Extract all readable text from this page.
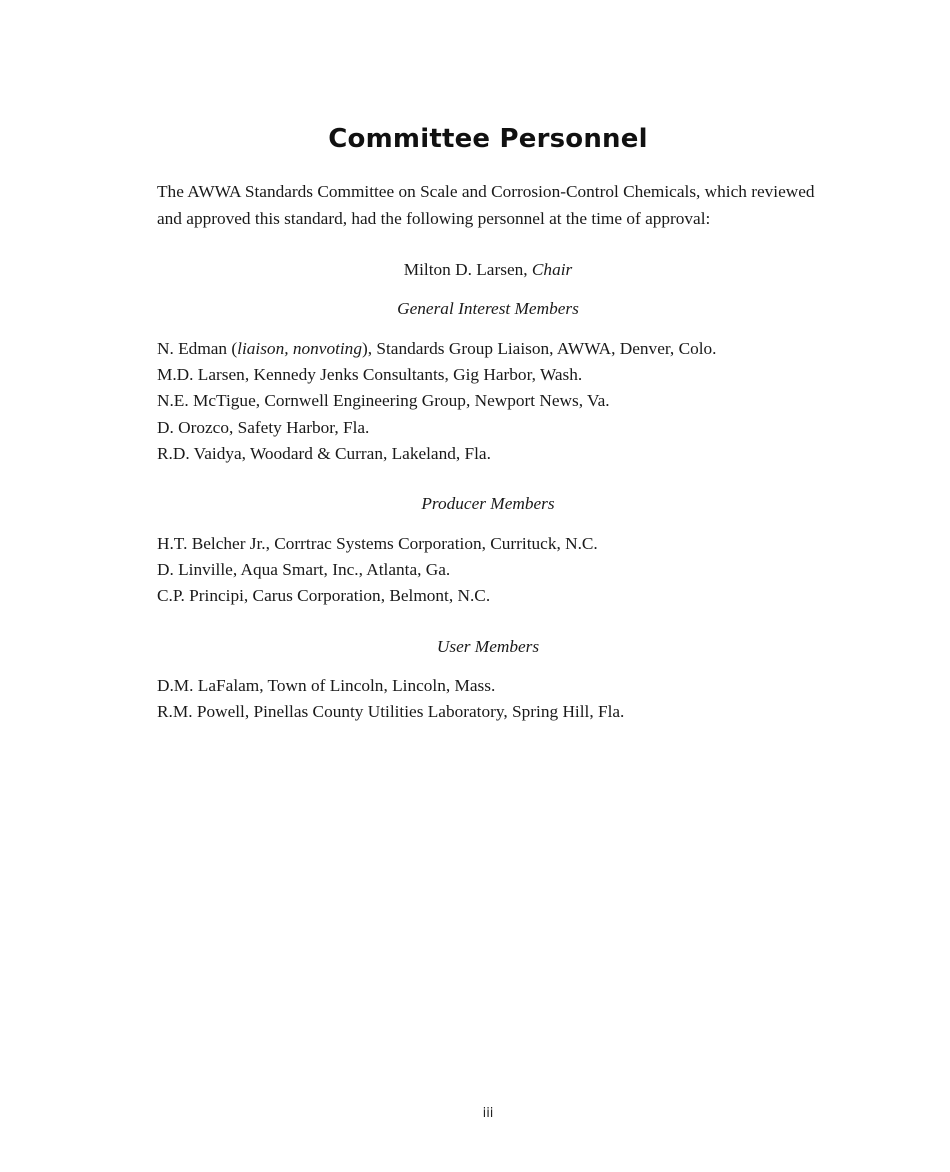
Committee Personnel

The AWWA Standards Committee on Scale and Corrosion-Control Chemicals, which reviewed and approved this standard, had the following personnel at the time of approval:

Milton D. Larsen, Chair
General Interest Members
N. Edman (liaison, nonvoting), Standards Group Liaison, AWWA, Denver, Colo.
M.D. Larsen, Kennedy Jenks Consultants, Gig Harbor, Wash.
N.E. McTigue, Cornwell Engineering Group, Newport News, Va.
D. Orozco, Safety Harbor, Fla.
R.D. Vaidya, Woodard & Curran, Lakeland, Fla.
Producer Members
H.T. Belcher Jr., Corrtrac Systems Corporation, Currituck, N.C.
D. Linville, Aqua Smart, Inc., Atlanta, Ga.
C.P. Principi, Carus Corporation, Belmont, N.C.
User Members
D.M. LaFalam, Town of Lincoln, Lincoln, Mass.
R.M. Powell, Pinellas County Utilities Laboratory, Spring Hill, Fla.
iii
